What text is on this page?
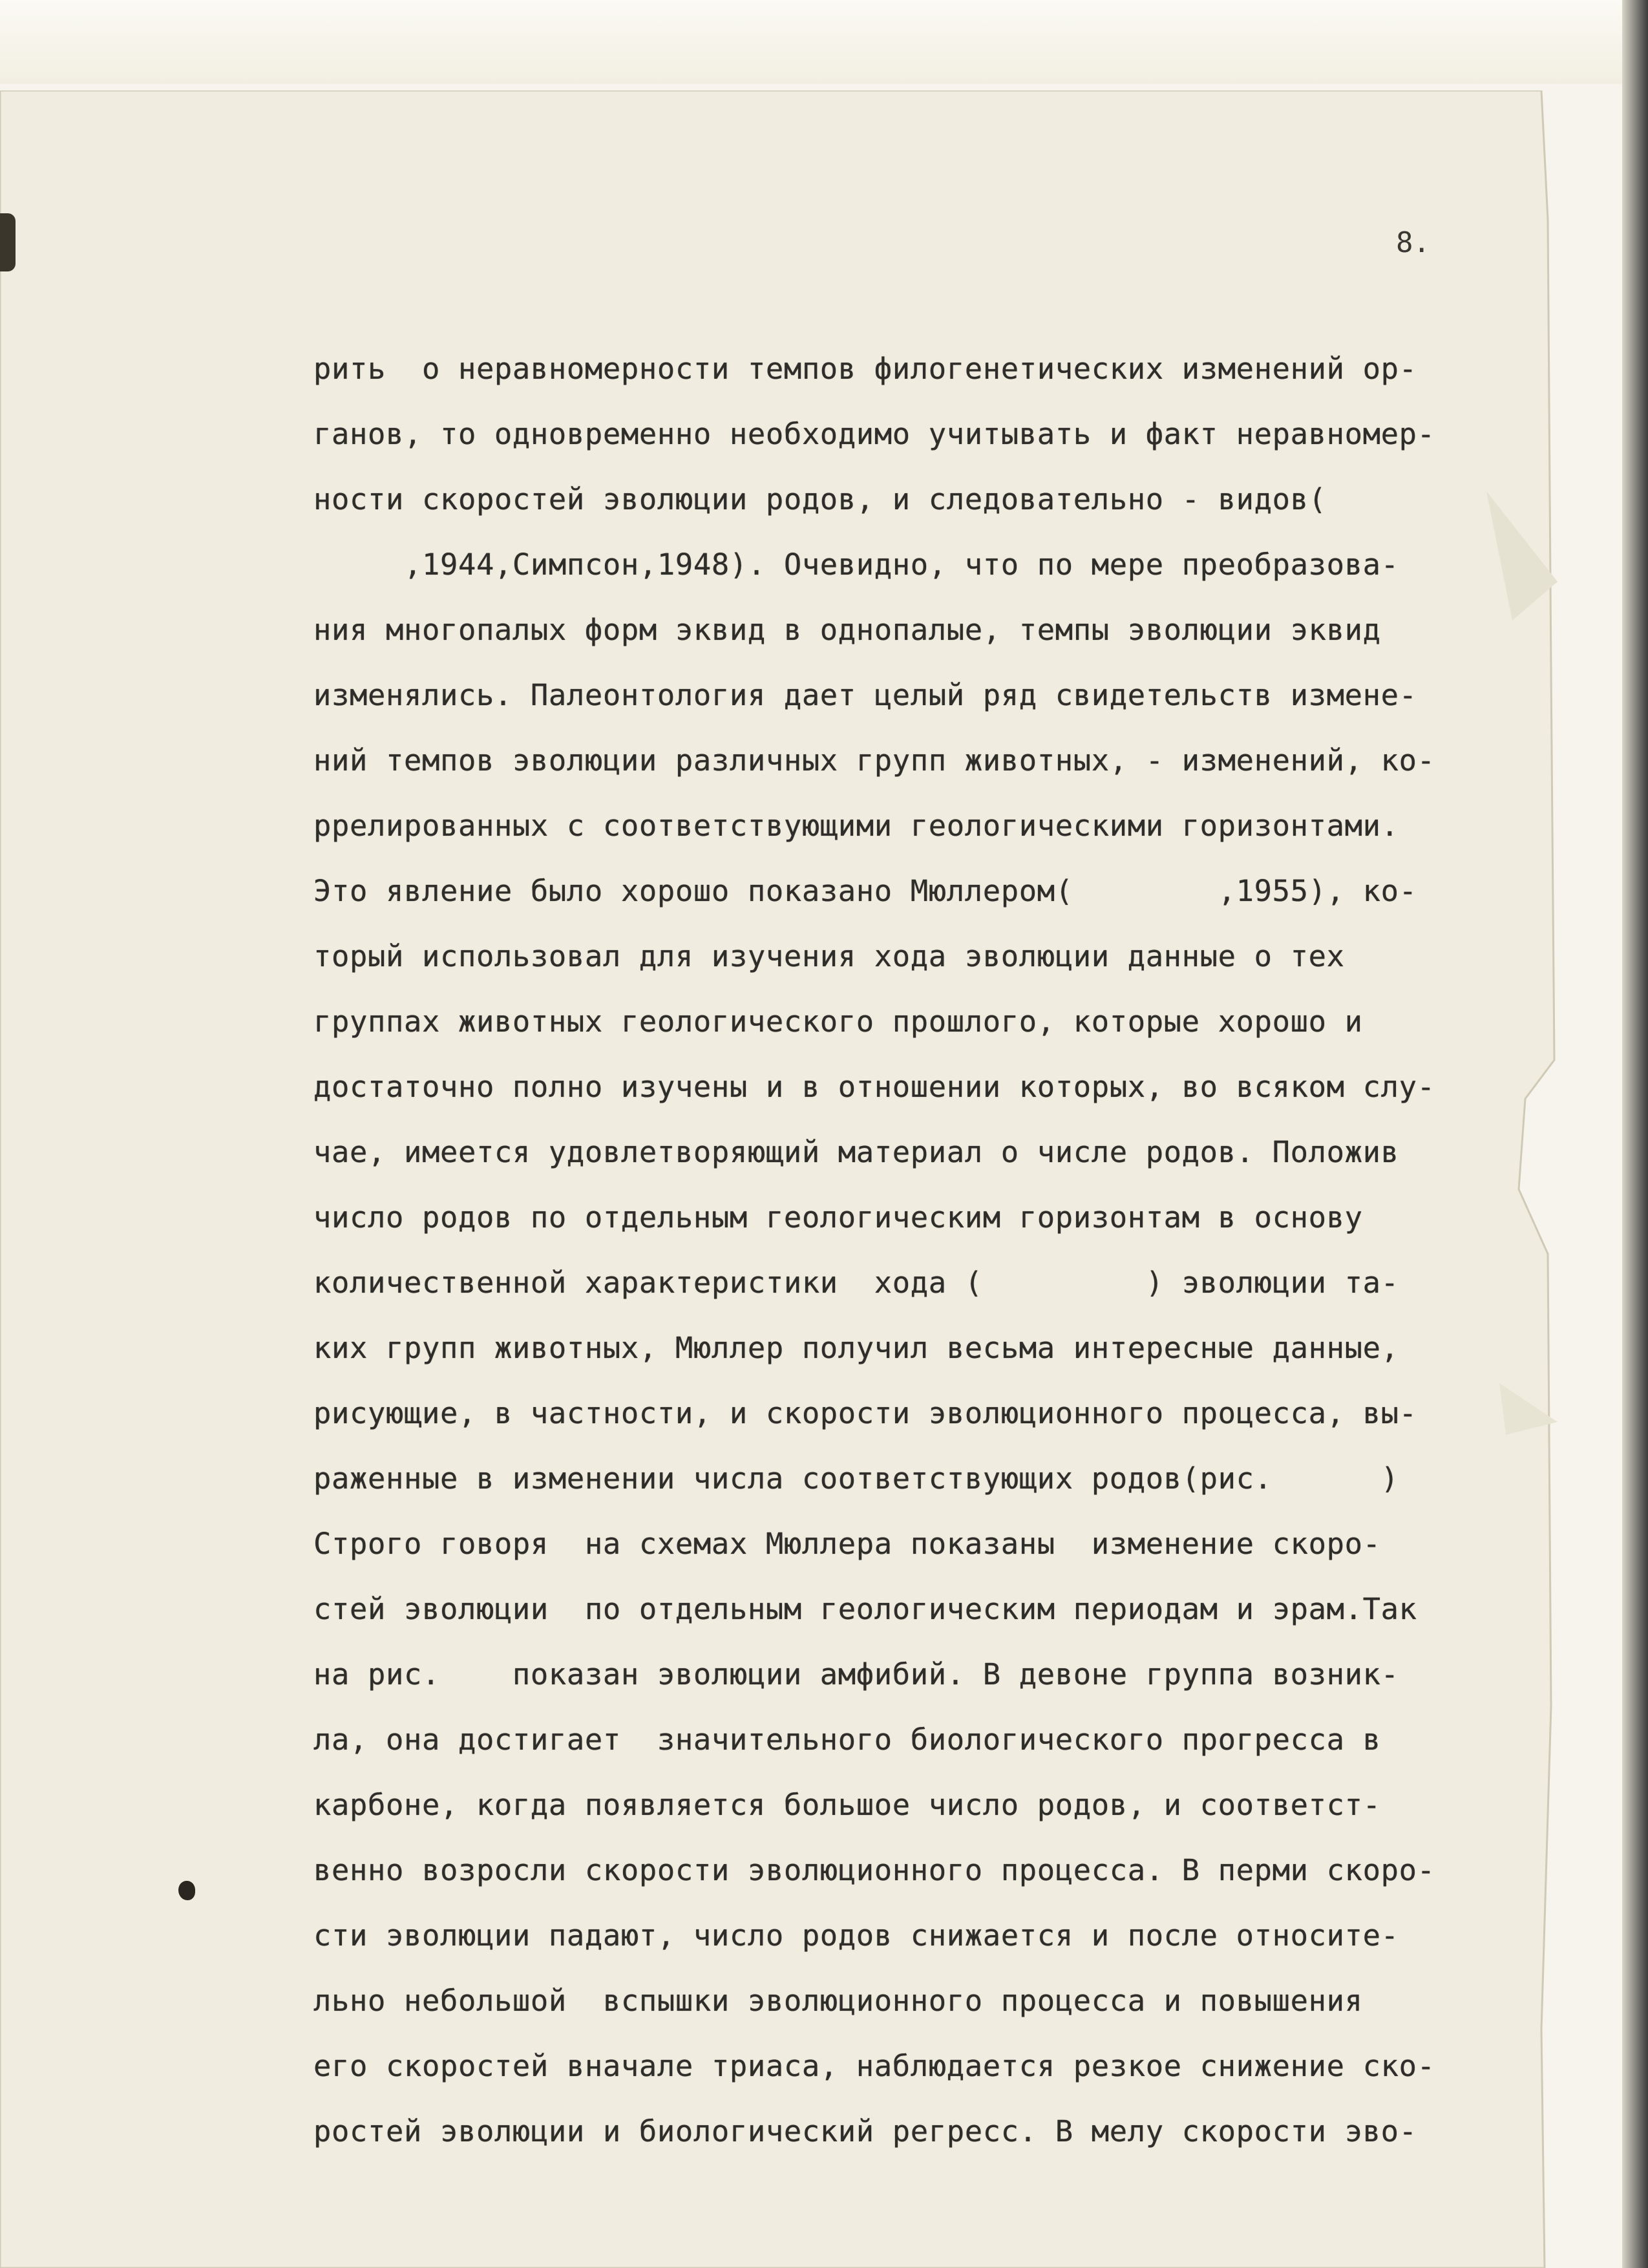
8.
рить  о неравномерности темпов филогенетических изменений ор-
ганов, то одновременно необходимо учитывать и факт неравномер-
ности скоростей эволюции родов, и следовательно - видов(
,1944,Симпсон,1948). Очевидно, что по мере преобразова-
ния многопалых форм эквид в однопалые, темпы эволюции эквид
изменялись. Палеонтология дает целый ряд свидетельств измене-
ний темпов эволюции различных групп животных, - изменений, ко-
ррелированных с соответствующими геологическими горизонтами.
Это явление было хорошо показано Мюллером(        ,1955), ко-
торый использовал для изучения хода эволюции данные о тех
группах животных геологического прошлого, которые хорошо и
достаточно полно изучены и в отношении которых, во всяком слу-
чае, имеется удовлетворяющий материал о числе родов. Положив
число родов по отдельным геологическим горизонтам в основу
количественной характеристики  хода (         ) эволюции та-
ких групп животных, Мюллер получил весьма интересные данные,
рисующие, в частности, и скорости эволюционного процесса, вы-
раженные в изменении числа соответствующих родов(рис.      )
Строго говоря  на схемах Мюллера показаны  изменение скоро-
стей эволюции  по отдельным геологическим периодам и эрам.Так
на рис.    показан эволюции амфибий. В девоне группа возник-
ла, она достигает  значительного биологического прогресса в
карбоне, когда появляется большое число родов, и соответст-
венно возросли скорости эволюционного процесса. В перми скоро-
сти эволюции падают, число родов снижается и после относите-
льно небольшой  вспышки эволюционного процесса и повышения
его скоростей вначале триаса, наблюдается резкое снижение ско-
ростей эволюции и биологический регресс. В мелу скорости эво-
